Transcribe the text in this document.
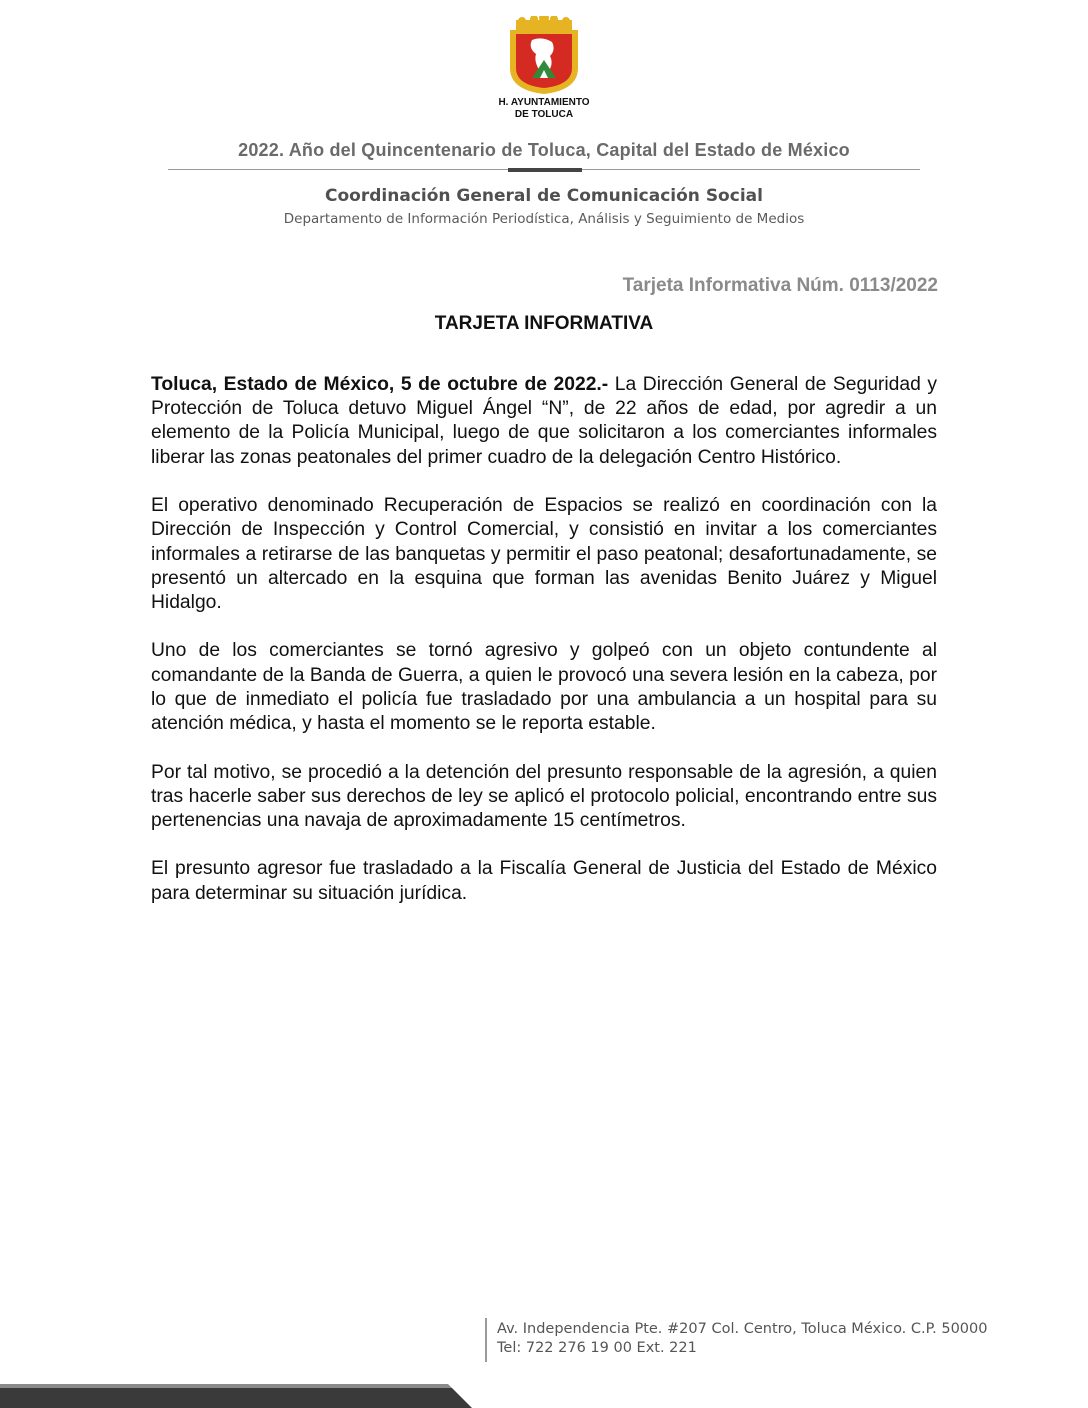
H. AYUNTAMIENTO
DE TOLUCA
2022. Año del Quincentenario de Toluca, Capital del Estado de México
Coordinación General de Comunicación Social
Departamento de Información Periodística, Análisis y Seguimiento de Medios
Tarjeta Informativa Núm. 0113/2022
TARJETA INFORMATIVA

Toluca, Estado de México, 5 de octubre de 2022.- La Dirección General de Seguridad y Protección de Toluca detuvo Miguel Ángel “N”, de 22 años de edad, por agredir a un elemento de la Policía Municipal, luego de que solicitaron a los comerciantes informales liberar las zonas peatonales del primer cuadro de la delegación Centro Histórico.

El operativo denominado Recuperación de Espacios se realizó en coordinación con la Dirección de Inspección y Control Comercial, y consistió en invitar a los comerciantes informales a retirarse de las banquetas y permitir el paso peatonal; desafortunadamente, se presentó un altercado en la esquina que forman las avenidas Benito Juárez y Miguel Hidalgo.

Uno de los comerciantes se tornó agresivo y golpeó con un objeto contundente al comandante de la Banda de Guerra, a quien le provocó una severa lesión en la cabeza, por lo que de inmediato el policía fue trasladado por una ambulancia a un hospital para su atención médica, y hasta el momento se le reporta estable.

Por tal motivo, se procedió a la detención del presunto responsable de la agresión, a quien tras hacerle saber sus derechos de ley se aplicó el protocolo policial, encontrando entre sus pertenencias una navaja de aproximadamente 15 centímetros.

El presunto agresor fue trasladado a la Fiscalía General de Justicia del Estado de México para determinar su situación jurídica.

Av. Independencia Pte. #207 Col. Centro, Toluca México. C.P. 50000
Tel: 722 276 19 00 Ext. 221
